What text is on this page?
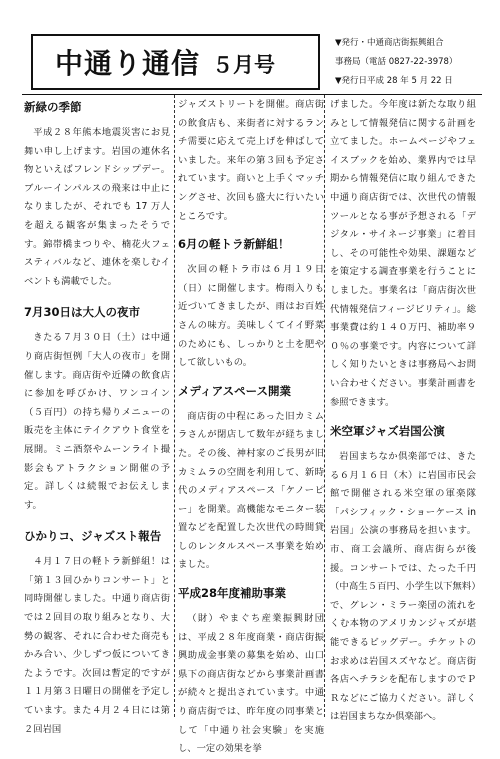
中通り通信 ５月号
▼発行・中通商店街振興組合
事務局（電話 0827-22-3978）
▼発行日平成 28 年 5 月 22 日
新緑の季節

平成２８年熊本地震災害にお見舞い申し上げます。岩国の連休名物といえばフレンドシップデー。ブルーインパルスの飛来は中止になりましたが、それでも 17 万人を超える観客が集まったそうです。錦帯橋まつりや、楠花火フェスティバルなど、連休を楽しむイベントも満載でした。

7月30日は大人の夜市

きたる７月３０日（土）は中通り商店街恒例「大人の夜市」を開催します。商店街や近隣の飲食店に参加を呼びかけ、ワンコイン（５百円）の持ち帰りメニューの販売を主体にテイクアウト食堂を展開。ミニ酒祭やムーンライト撮影会もアトラクション開催の予定。詳しくは続報でお伝えします。

ひかりコ、ジャズスト報告

４月１７日の軽トラ新鮮組！は「第１３回ひかりコンサート」と同時開催しました。中通り商店街では２回目の取り組みとなり、大勢の観客、それに合わせた商売もかみ合い、少しずつ仮についてきたようです。次回は暫定的ですが１１月第３日曜日の開催を予定しています。また４月２４日には第２回岩国

ジャズストリートを開催。商店街の飲食店も、来街者に対するランチ需要に応えて売上げを伸ばしていました。来年の第３回も予定されています。商いと上手くマッチングさせ、次回も盛大に行いたいところです。

6月の軽トラ新鮮組！

次回の軽トラ市は６月１９日（日）に開催します。梅雨入りも近づいてきましたが、雨はお百姓さんの味方。美味しくてイイ野菜のためにも、しっかりと土を肥やして欲しいもの。

メディアスペース開業

商店街の中程にあった旧カミムラさんが閉店して数年が経ちました。その後、神村家のご長男が旧カミムラの空間を利用して、新時代のメディアスペース「ケノーピー」を開業。高機能なモニター装置などを配置した次世代の時間貸しのレンタルスペース事業を始めました。

平成28年度補助事業

（財）やまぐち産業振興財団は、平成２８年度商業・商店街振興助成金事業の募集を始め、山口県下の商店街などから事業計画書が続々と提出されています。中通り商店街では、昨年度の同事業として「中通り社会実験」を実施し、一定の効果を挙

げました。今年度は新たな取り組みとして情報発信に関する計画を立てました。ホームページやフェイスブックを始め、業界内では早期から情報発信に取り組んできた中通り商店街では、次世代の情報ツールとなる事が予想される「デジタル・サイネージ事業」に着目し、その可能性や効果、課題などを策定する調査事業を行うことにしました。事業名は「商店街次世代情報発信フィージビリティ」。総事業費は約１４０万円、補助率９０％の事業です。内容について詳しく知りたいときは事務局へお問い合わせください。事業計画書を参照できます。

米空軍ジャズ岩国公演

岩国まちなか倶楽部では、きたる６月１６日（木）に岩国市民会館で開催される米空軍の軍楽隊「パシフィック・ショーケース in 岩国」公演の事務局を担います。市、商工会議所、商店街らが後援。コンサートでは、たった千円（中高生５百円、小学生以下無料）で、グレン・ミラー楽団の流れをくむ本物のアメリカンジャズが堪能できるビッグデー。チケットのお求めは岩国スズヤなど。商店街各店へチラシを配布しますのでＰＲなどにご協力ください。詳しくは岩国まちなか倶楽部へ。
